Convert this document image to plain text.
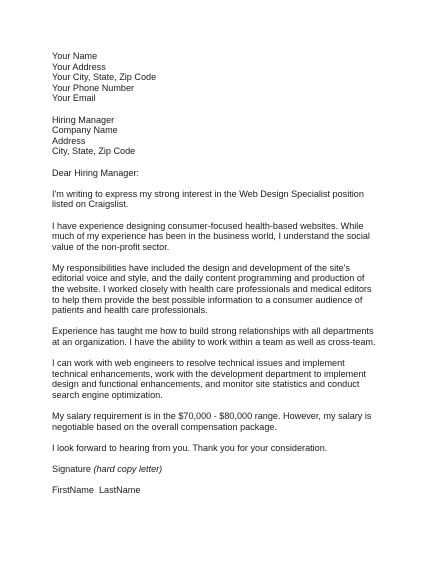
Your Name
Your Address
Your City, State, Zip Code
Your Phone Number
Your Email
Hiring Manager
Company Name
Address
City, State, Zip Code
Dear Hiring Manager:
I'm writing to express my strong interest in the Web Design Specialist position
listed on Craigslist.
I have experience designing consumer-focused health-based websites. While
much of my experience has been in the business world, I understand the social
value of the non-profit sector.
My responsibilities have included the design and development of the site's
editorial voice and style, and the daily content programming and production of
the website. I worked closely with health care professionals and medical editors
to help them provide the best possible information to a consumer audience of
patients and health care professionals.
Experience has taught me how to build strong relationships with all departments
at an organization. I have the ability to work within a team as well as cross-team.
I can work with web engineers to resolve technical issues and implement
technical enhancements, work with the development department to implement
design and functional enhancements, and monitor site statistics and conduct
search engine optimization.
My salary requirement is in the $70,000 - $80,000 range. However, my salary is
negotiable based on the overall compensation package.
I look forward to hearing from you. Thank you for your consideration.
Signature (hard copy letter)
FirstName  LastName
